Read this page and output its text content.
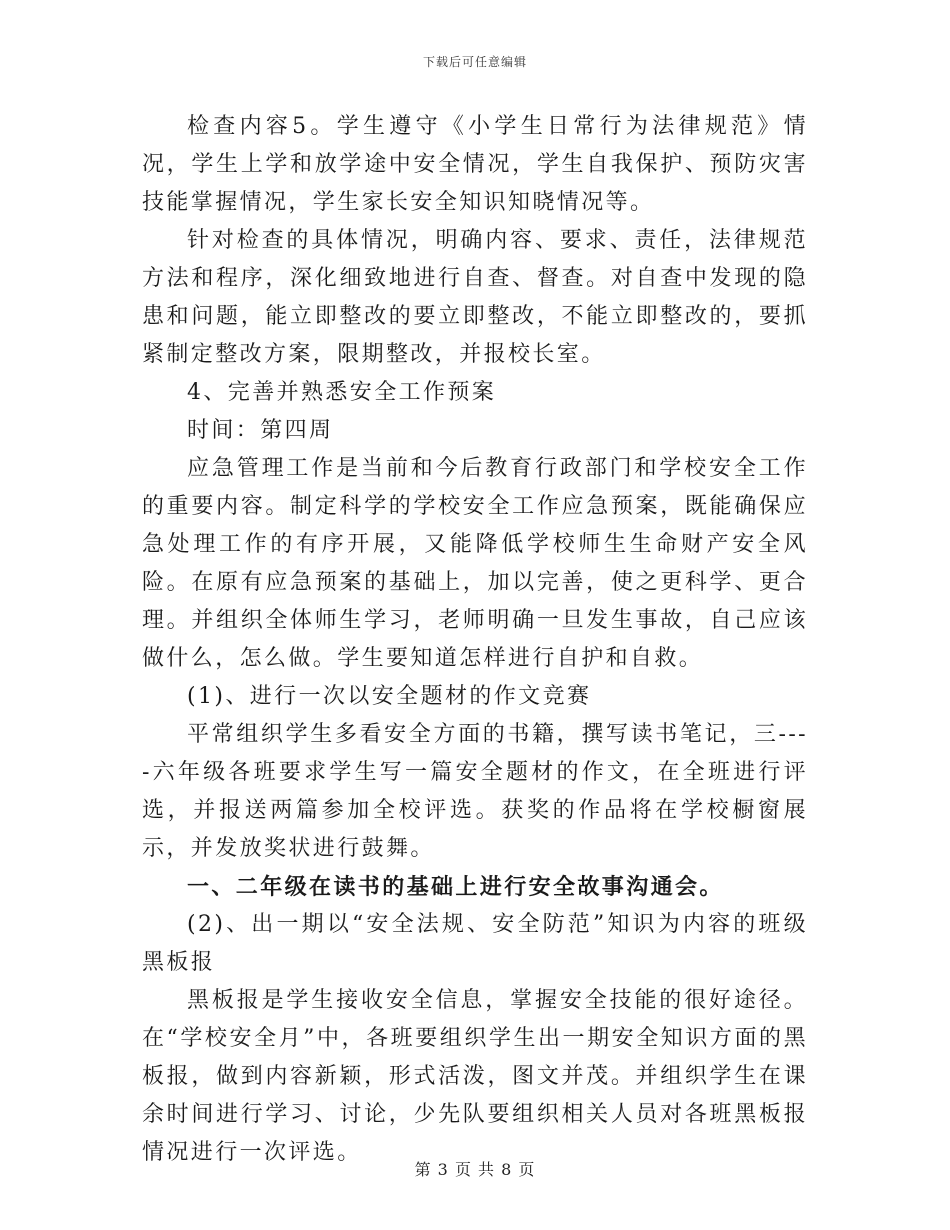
下载后可任意编辑

检查内容5。学生遵守《小学生日常行为法律规范》情况，学生上学和放学途中安全情况，学生自我保护、预防灾害技能掌握情况，学生家长安全知识知晓情况等。

针对检查的具体情况，明确内容、要求、责任，法律规范方法和程序，深化细致地进行自查、督查。对自查中发现的隐患和问题，能立即整改的要立即整改，不能立即整改的，要抓紧制定整改方案，限期整改，并报校长室。

4、完善并熟悉安全工作预案

时间：第四周

应急管理工作是当前和今后教育行政部门和学校安全工作的重要内容。制定科学的学校安全工作应急预案，既能确保应急处理工作的有序开展，又能降低学校师生生命财产安全风险。在原有应急预案的基础上，加以完善，使之更科学、更合理。并组织全体师生学习，老师明确一旦发生事故，自己应该做什么，怎么做。学生要知道怎样进行自护和自救。

(1)、进行一次以安全题材的作文竞赛

平常组织学生多看安全方面的书籍，撰写读书笔记，三----六年级各班要求学生写一篇安全题材的作文，在全班进行评选，并报送两篇参加全校评选。获奖的作品将在学校橱窗展示，并发放奖状进行鼓舞。

一、二年级在读书的基础上进行安全故事沟通会。

(2)、出一期以“安全法规、安全防范”知识为内容的班级黑板报

黑板报是学生接收安全信息，掌握安全技能的很好途径。在“学校安全月”中，各班要组织学生出一期安全知识方面的黑板报，做到内容新颖，形式活泼，图文并茂。并组织学生在课余时间进行学习、讨论，少先队要组织相关人员对各班黑板报情况进行一次评选。

第 3 页 共 8 页
